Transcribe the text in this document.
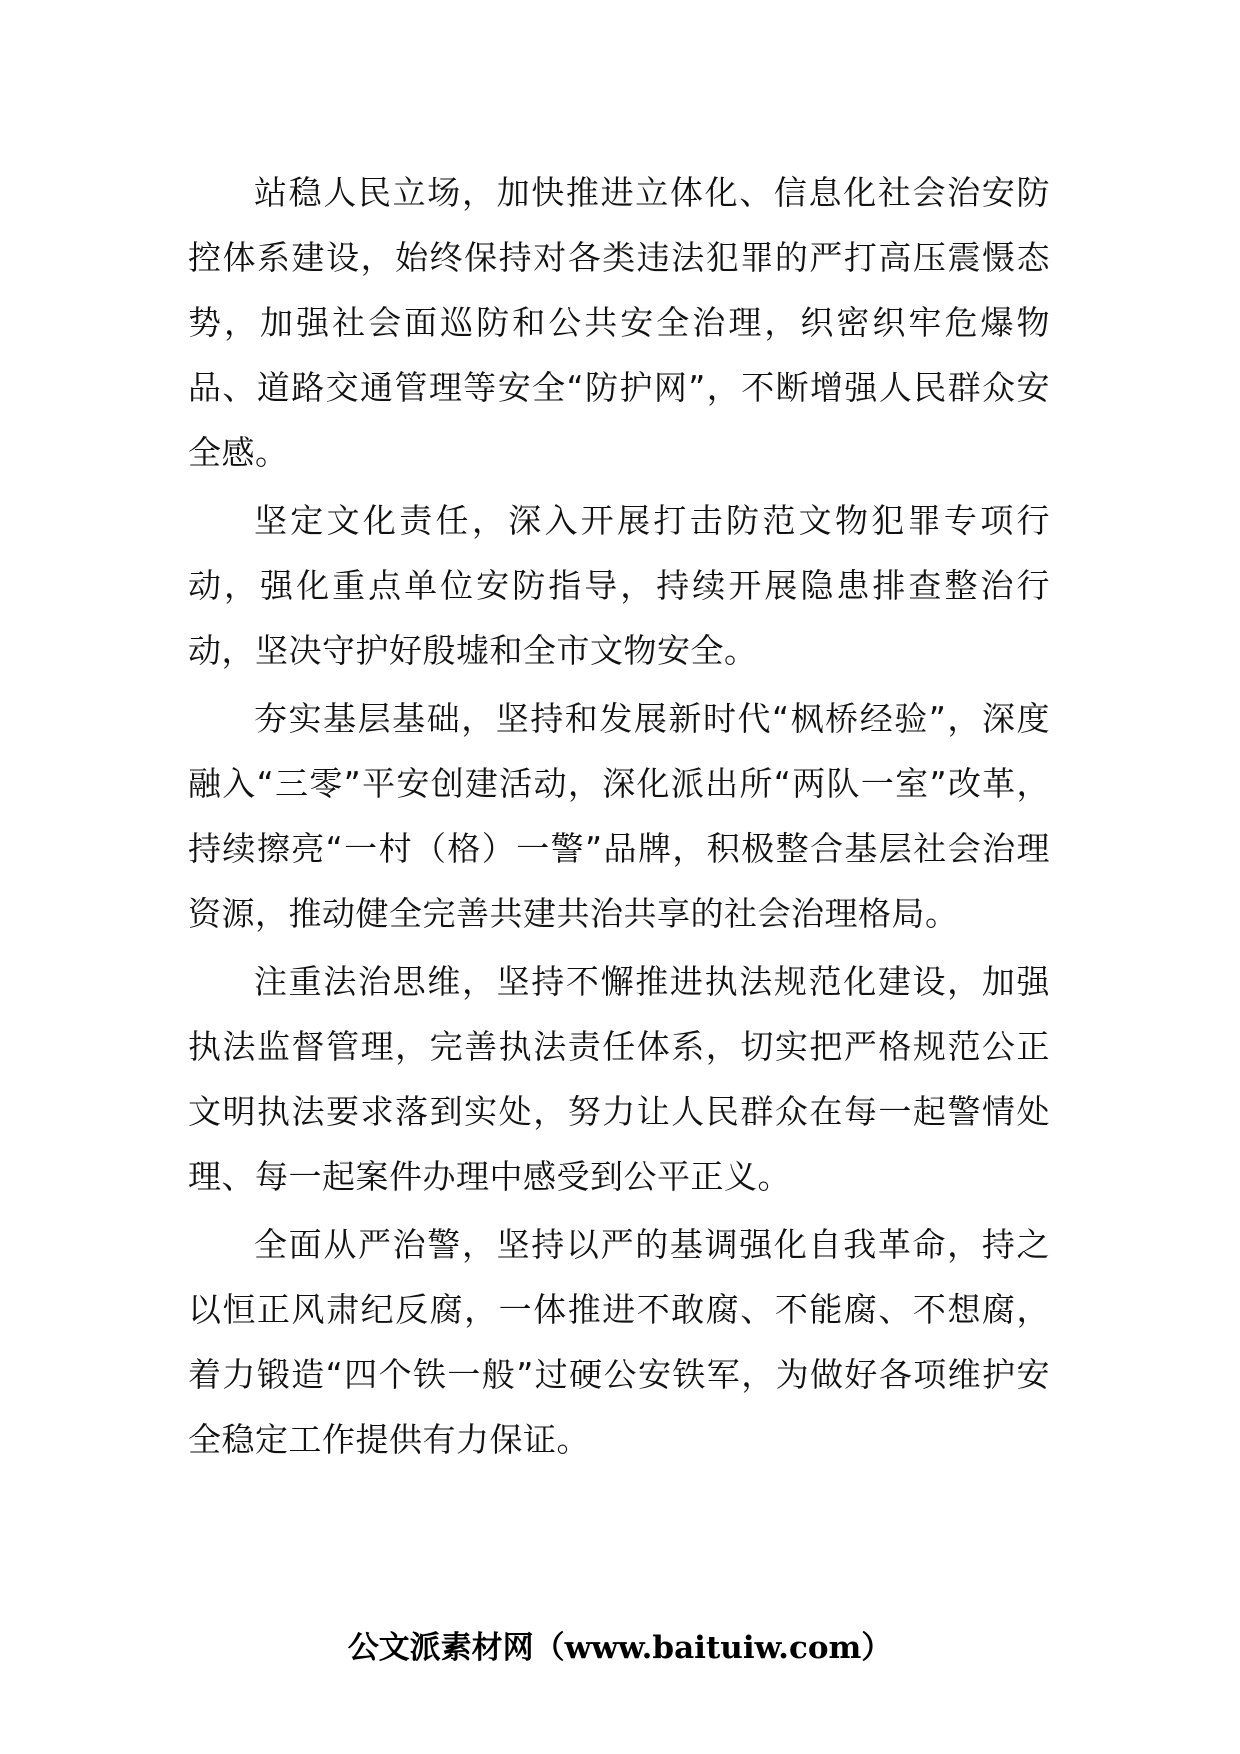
站稳人民立场，加快推进立体化、信息化社会治安防控体系建设，始终保持对各类违法犯罪的严打高压震慑态势，加强社会面巡防和公共安全治理，织密织牢危爆物品、道路交通管理等安全“防护网”，不断增强人民群众安全感。

坚定文化责任，深入开展打击防范文物犯罪专项行动，强化重点单位安防指导，持续开展隐患排查整治行动，坚决守护好殷墟和全市文物安全。

夯实基层基础，坚持和发展新时代“枫桥经验”，深度融入“三零”平安创建活动，深化派出所“两队一室”改革，持续擦亮“一村（格）一警”品牌，积极整合基层社会治理资源，推动健全完善共建共治共享的社会治理格局。

注重法治思维，坚持不懈推进执法规范化建设，加强执法监督管理，完善执法责任体系，切实把严格规范公正文明执法要求落到实处，努力让人民群众在每一起警情处理、每一起案件办理中感受到公平正义。

全面从严治警，坚持以严的基调强化自我革命，持之以恒正风肃纪反腐，一体推进不敢腐、不能腐、不想腐，着力锻造“四个铁一般”过硬公安铁军，为做好各项维护安全稳定工作提供有力保证。

公文派素材网（www.baituiw.com）
